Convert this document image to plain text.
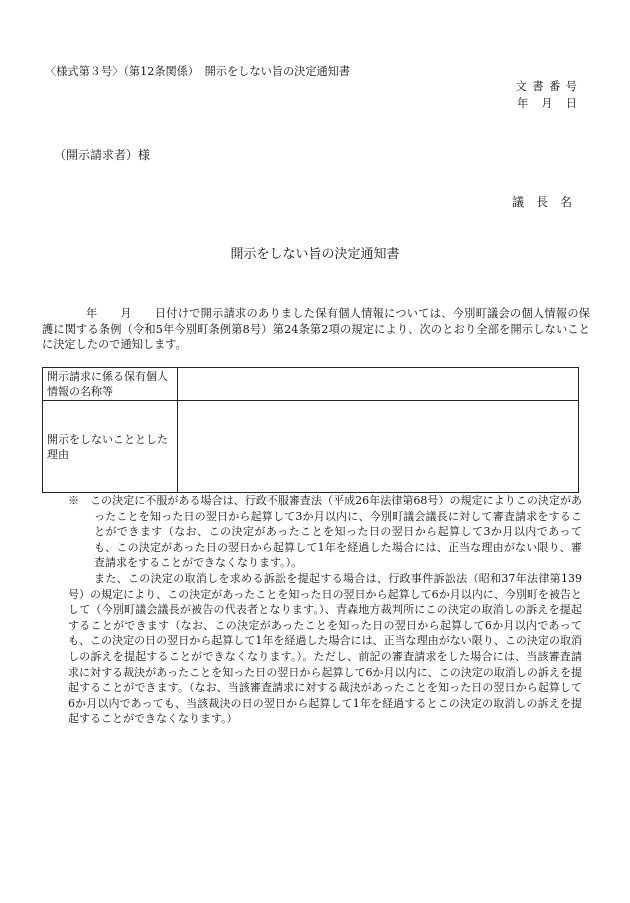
〈様式第３号〉（第12条関係）　開示をしない旨の決定通知書
文 書 番 号
年　月　日
（開示請求者）様
議　長　名
開示をしない旨の決定通知書
年　　月　　日付けで開示請求のありました保有個人情報については、今別町議会の個人情報の保護に関する条例（令和5年今別町条例第8号）第24条第2項の規定により、次のとおり全部を開示しないことに決定したので通知します。
開示請求に係る保有個人情報の名称等	
開示をしないこととした理由	

※　この決定に不服がある場合は、行政不服審査法（平成26年法律第68号）の規定によりこの決定があったことを知った日の翌日から起算して3か月以内に、今別町議会議長に対して審査請求をすることができます（なお、この決定があったことを知った日の翌日から起算して3か月以内であっても、この決定があった日の翌日から起算して1年を経過した場合には、正当な理由がない限り、審査請求をすることができなくなります。）。

また、この決定の取消しを求める訴訟を提起する場合は、行政事件訴訟法（昭和37年法律第139号）の規定により、この決定があったことを知った日の翌日から起算して6か月以内に、今別町を被告として（今別町議会議長が被告の代表者となります。）、青森地方裁判所にこの決定の取消しの訴えを提起することができます（なお、この決定があったことを知った日の翌日から起算して6か月以内であっても、この決定の日の翌日から起算して1年を経過した場合には、正当な理由がない限り、この決定の取消しの訴えを提起することができなくなります。）。ただし、前記の審査請求をした場合には、当該審査請求に対する裁決があったことを知った日の翌日から起算して6か月以内に、この決定の取消しの訴えを提起することができます。（なお、当該審査請求に対する裁決があったことを知った日の翌日から起算して6か月以内であっても、当該裁決の日の翌日から起算して1年を経過するとこの決定の取消しの訴えを提起することができなくなります。）
